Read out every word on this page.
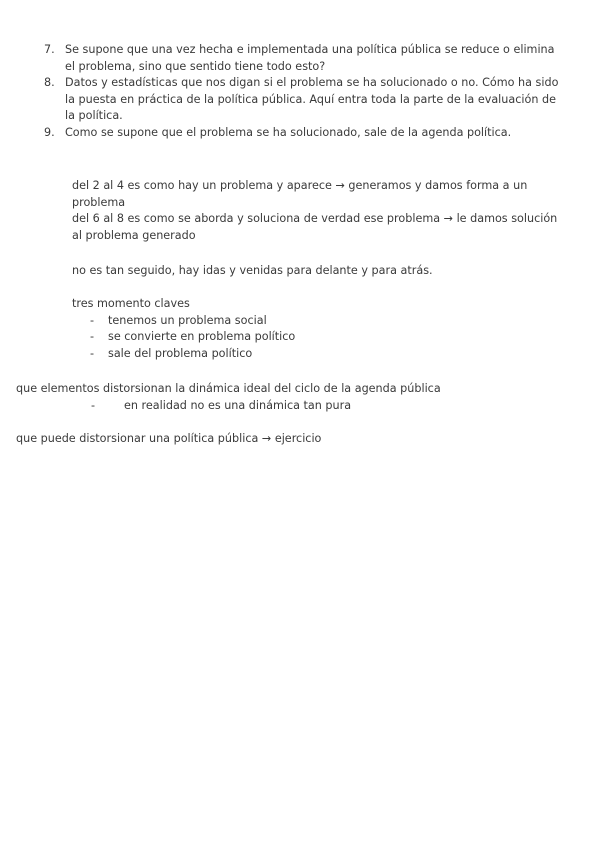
7. Se supone que una vez hecha e implementada una política pública se reduce o elimina el problema, sino que sentido tiene todo esto?
8. Datos y estadísticas que nos digan si el problema se ha solucionado o no. Cómo ha sido la puesta en práctica de la política pública. Aquí entra toda la parte de la evaluación de la política.
9. Como se supone que el problema se ha solucionado, sale de la agenda política.

del 2 al 4 es como hay un problema y aparece → generamos y damos forma a un problema

del 6 al 8 es como se aborda y soluciona de verdad ese problema → le damos solución al problema generado

no es tan seguido, hay idas y venidas para delante y para atrás.

tres momento claves

- tenemos un problema social
- se convierte en problema político
- sale del problema político

que elementos distorsionan la dinámica ideal del ciclo de la agenda pública

-	en realidad no es una dinámica tan pura

que puede distorsionar una política pública → ejercicio
